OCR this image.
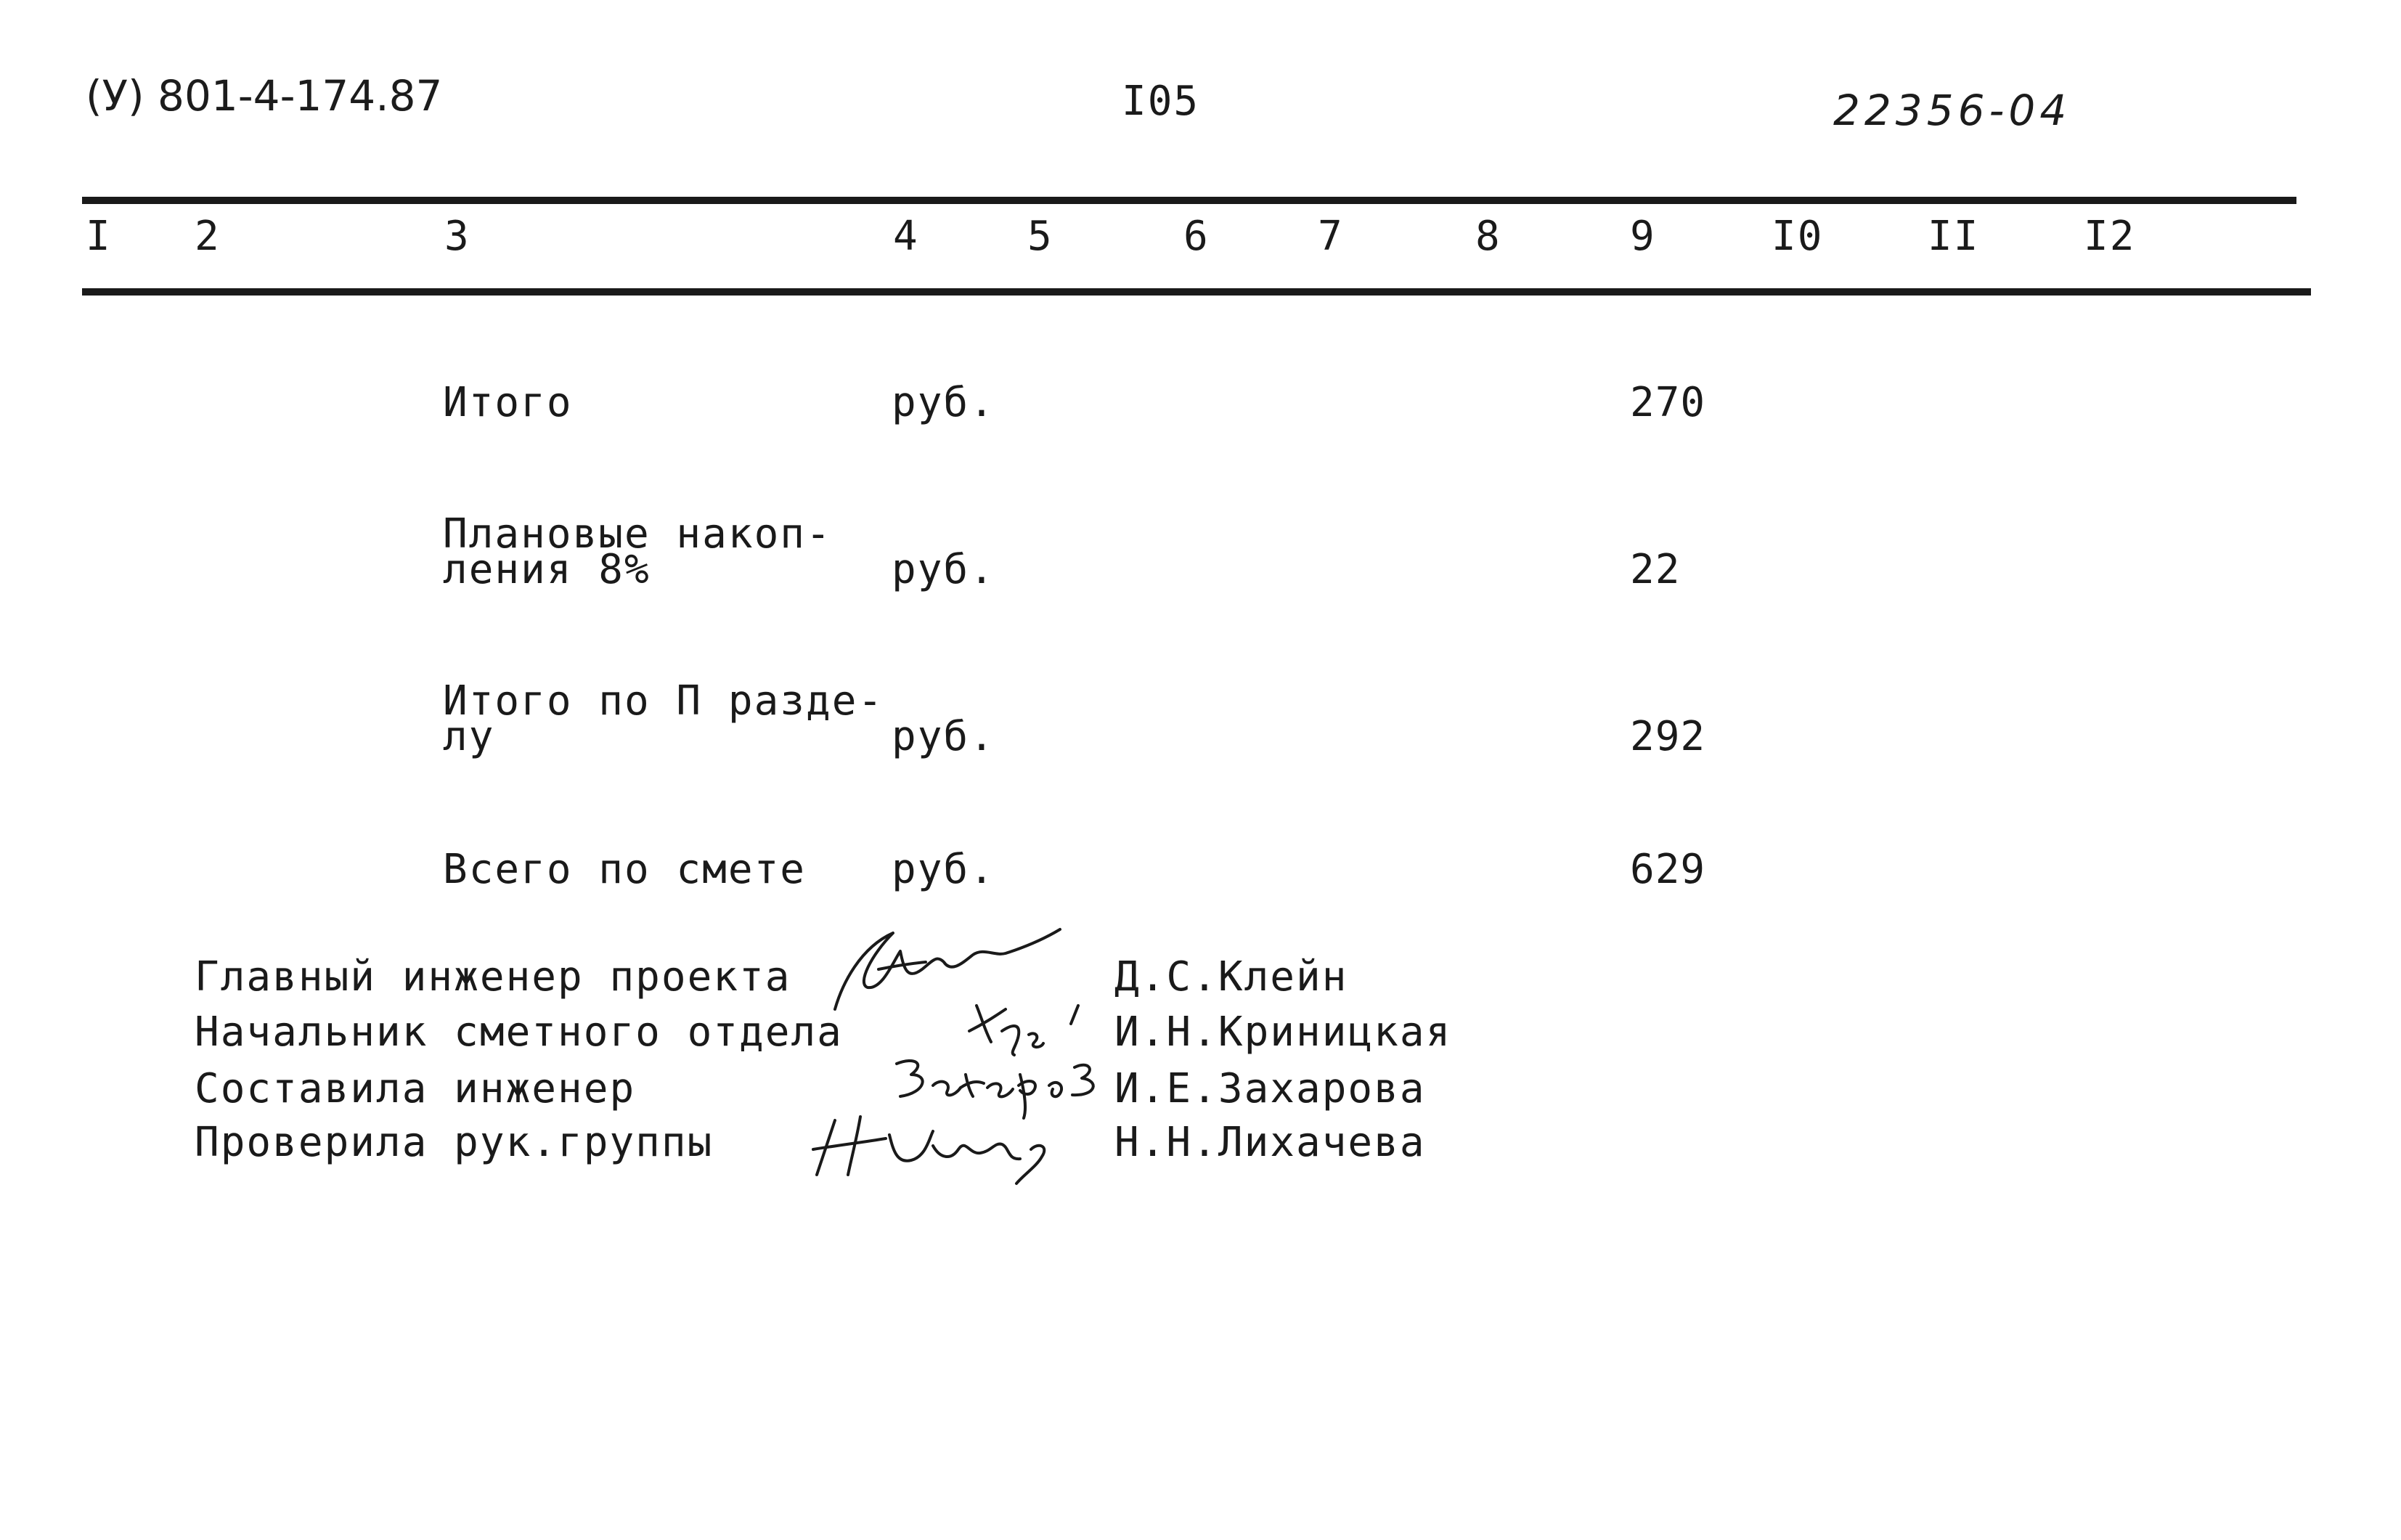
(У) 801-4-174.87	I05	22356-04
I 2	3	4	5	6	7	8	9	I0	II	I2
Итого	руб.	270
Плановые накоп-
ления 8%	руб.	22
Итого по П разде-
лу	руб.	292
Всего по смете руб.	629
Главный инженер проекта	Д.С.Клейн
Начальник сметного отдела	И.Н.Криницкая
Составила инженер	И.Е.Захарова
Проверила рук.группы	Н.Н.Лихачева
